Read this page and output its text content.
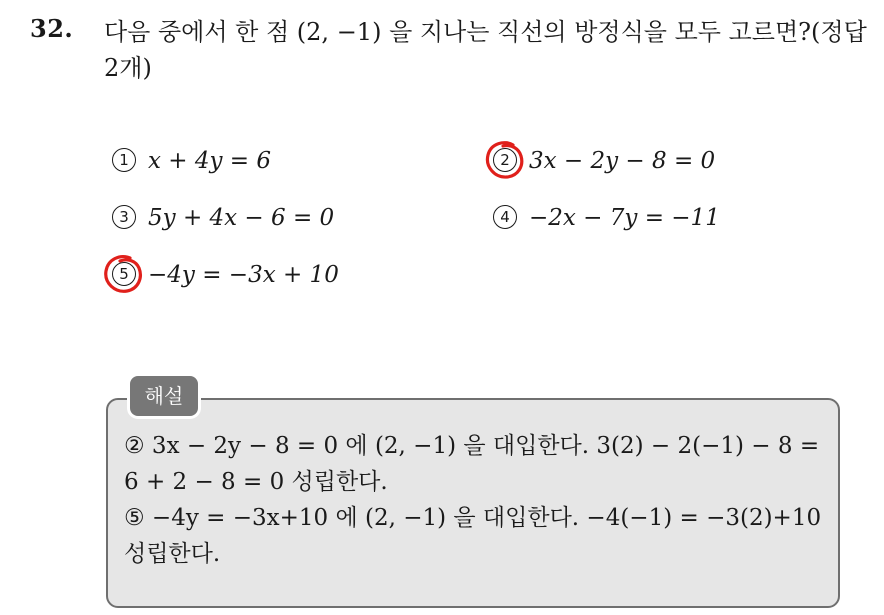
32. 다음 중에서 한 점 (2, −1) 을 지나는 직선의 방정식을 모두 고르면?(정답 2개)
1 x + 4y = 6	2 3x − 2y − 8 = 0
3 5y + 4x − 6 = 0	4 −2x − 7y = −11
5 −4y = −3x + 10
해설

② 3x − 2y − 8 = 0 에 (2, −1) 을 대입한다. 3(2) − 2(−1) − 8 = 6 + 2 − 8 = 0 성립한다.

⑤ −4y = −3x+10 에 (2, −1) 을 대입한다. −4(−1) = −3(2)+10 성립한다.
